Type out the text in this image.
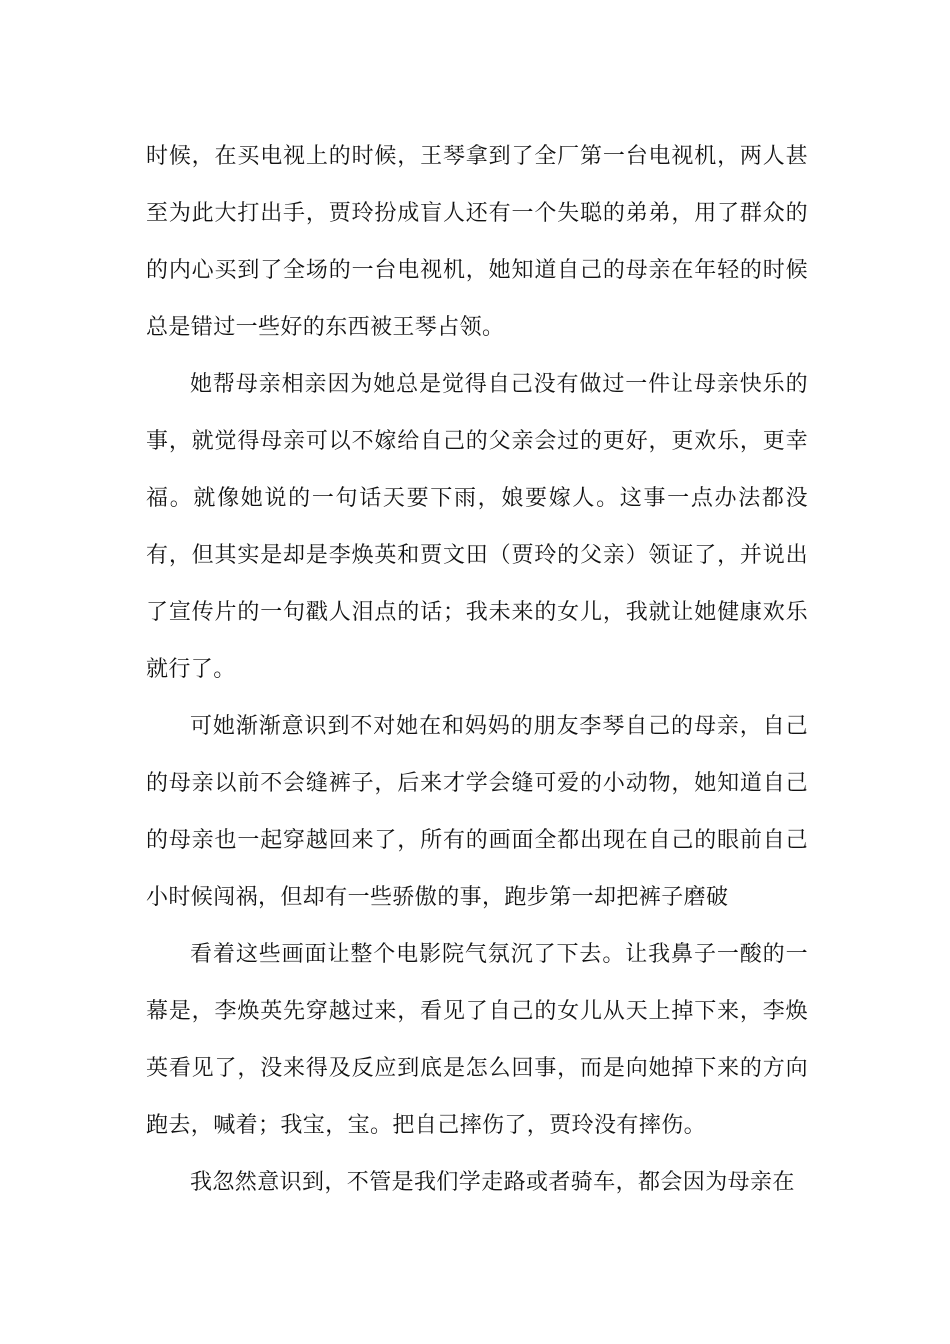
时候，在买电视上的时候，王琴拿到了全厂第一台电视机，两人甚至为此大打出手，贾玲扮成盲人还有一个失聪的弟弟，用了群众的的内心买到了全场的一台电视机，她知道自己的母亲在年轻的时候总是错过一些好的东西被王琴占领。

她帮母亲相亲因为她总是觉得自己没有做过一件让母亲快乐的事，就觉得母亲可以不嫁给自己的父亲会过的更好，更欢乐，更幸福。就像她说的一句话天要下雨，娘要嫁人。这事一点办法都没有，但其实是却是李焕英和贾文田（贾玲的父亲）领证了，并说出了宣传片的一句戳人泪点的话；我未来的女儿，我就让她健康欢乐就行了。

可她渐渐意识到不对她在和妈妈的朋友李琴自己的母亲，自己的母亲以前不会缝裤子，后来才学会缝可爱的小动物，她知道自己的母亲也一起穿越回来了，所有的画面全都出现在自己的眼前自己小时候闯祸，但却有一些骄傲的事，跑步第一却把裤子磨破

看着这些画面让整个电影院气氛沉了下去。让我鼻子一酸的一幕是，李焕英先穿越过来，看见了自己的女儿从天上掉下来，李焕英看见了，没来得及反应到底是怎么回事，而是向她掉下来的方向跑去，喊着；我宝，宝。把自己摔伤了，贾玲没有摔伤。

我忽然意识到，不管是我们学走路或者骑车，都会因为母亲在
